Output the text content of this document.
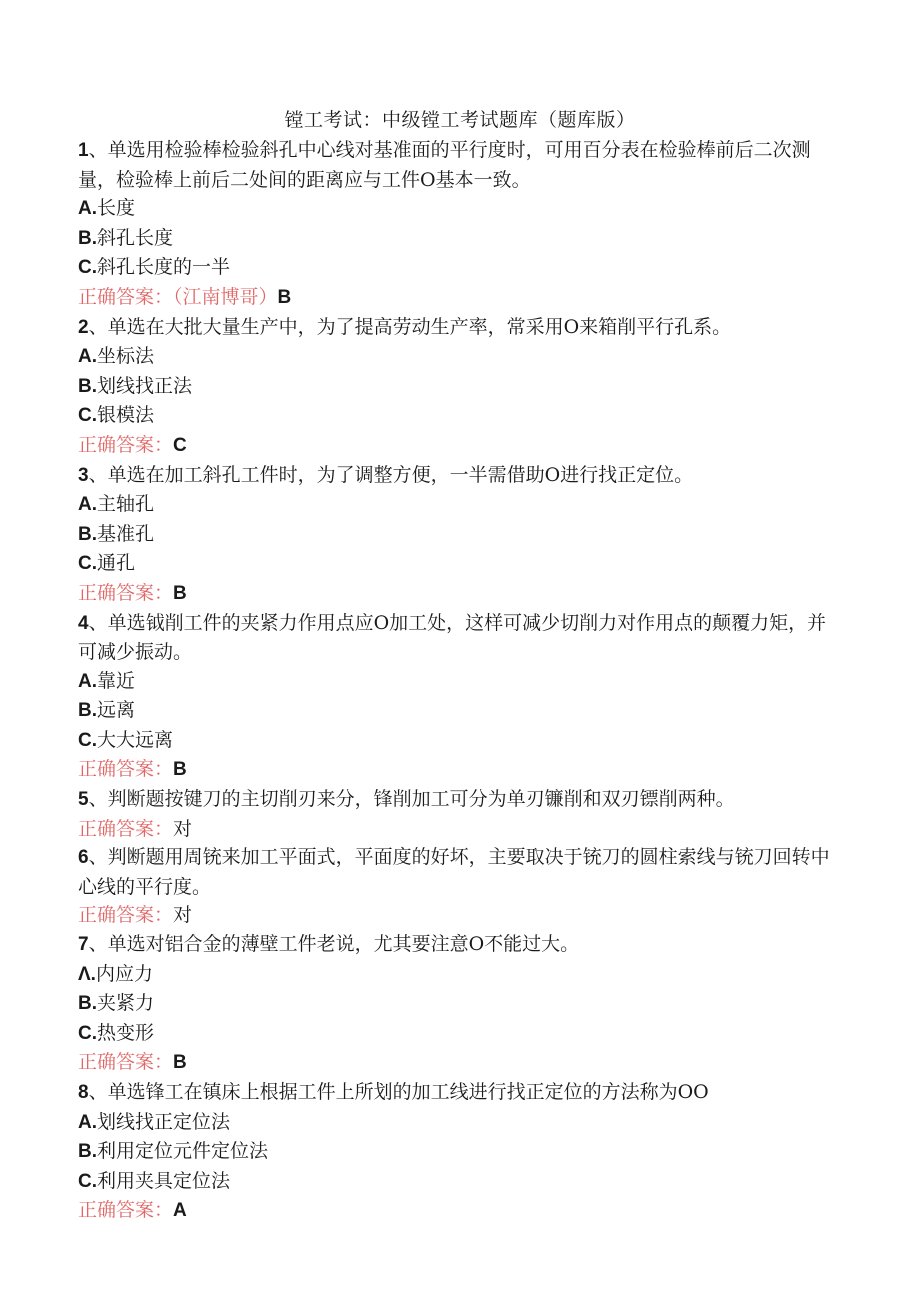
镗工考试：中级镗工考试题库（题库版）
1、单选用检验棒检验斜孔中心线对基准面的平行度时，可用百分表在检验棒前后二次测量，检验棒上前后二处间的距离应与工件O基本一致。
A.长度
B.斜孔长度
C.斜孔长度的一半
正确答案：（江南博哥）B
2、单选在大批大量生产中，为了提高劳动生产率，常采用O来箱削平行孔系。
A.坐标法
B.划线找正法
C.银模法
正确答案：C
3、单选在加工斜孔工件时，为了调整方便，一半需借助O进行找正定位。
A.主轴孔
B.基准孔
C.通孔
正确答案：B
4、单选钺削工件的夹紧力作用点应O加工处，这样可减少切削力对作用点的颠覆力矩，并可减少振动。
A.靠近
B.远离
C.大大远离
正确答案：B
5、判断题按键刀的主切削刃来分，锋削加工可分为单刃镰削和双刃镖削两种。
正确答案：对
6、判断题用周铳来加工平面式，平面度的好坏，主要取决于铳刀的圆柱索线与铳刀回转中心线的平行度。
正确答案：对
7、单选对铝合金的薄壁工件老说，尤其要注意O不能过大。
Λ.内应力
B.夹紧力
C.热变形
正确答案：B
8、单选锋工在镇床上根据工件上所划的加工线进行找正定位的方法称为OO
A.划线找正定位法
B.利用定位元件定位法
C.利用夹具定位法
正确答案：A
